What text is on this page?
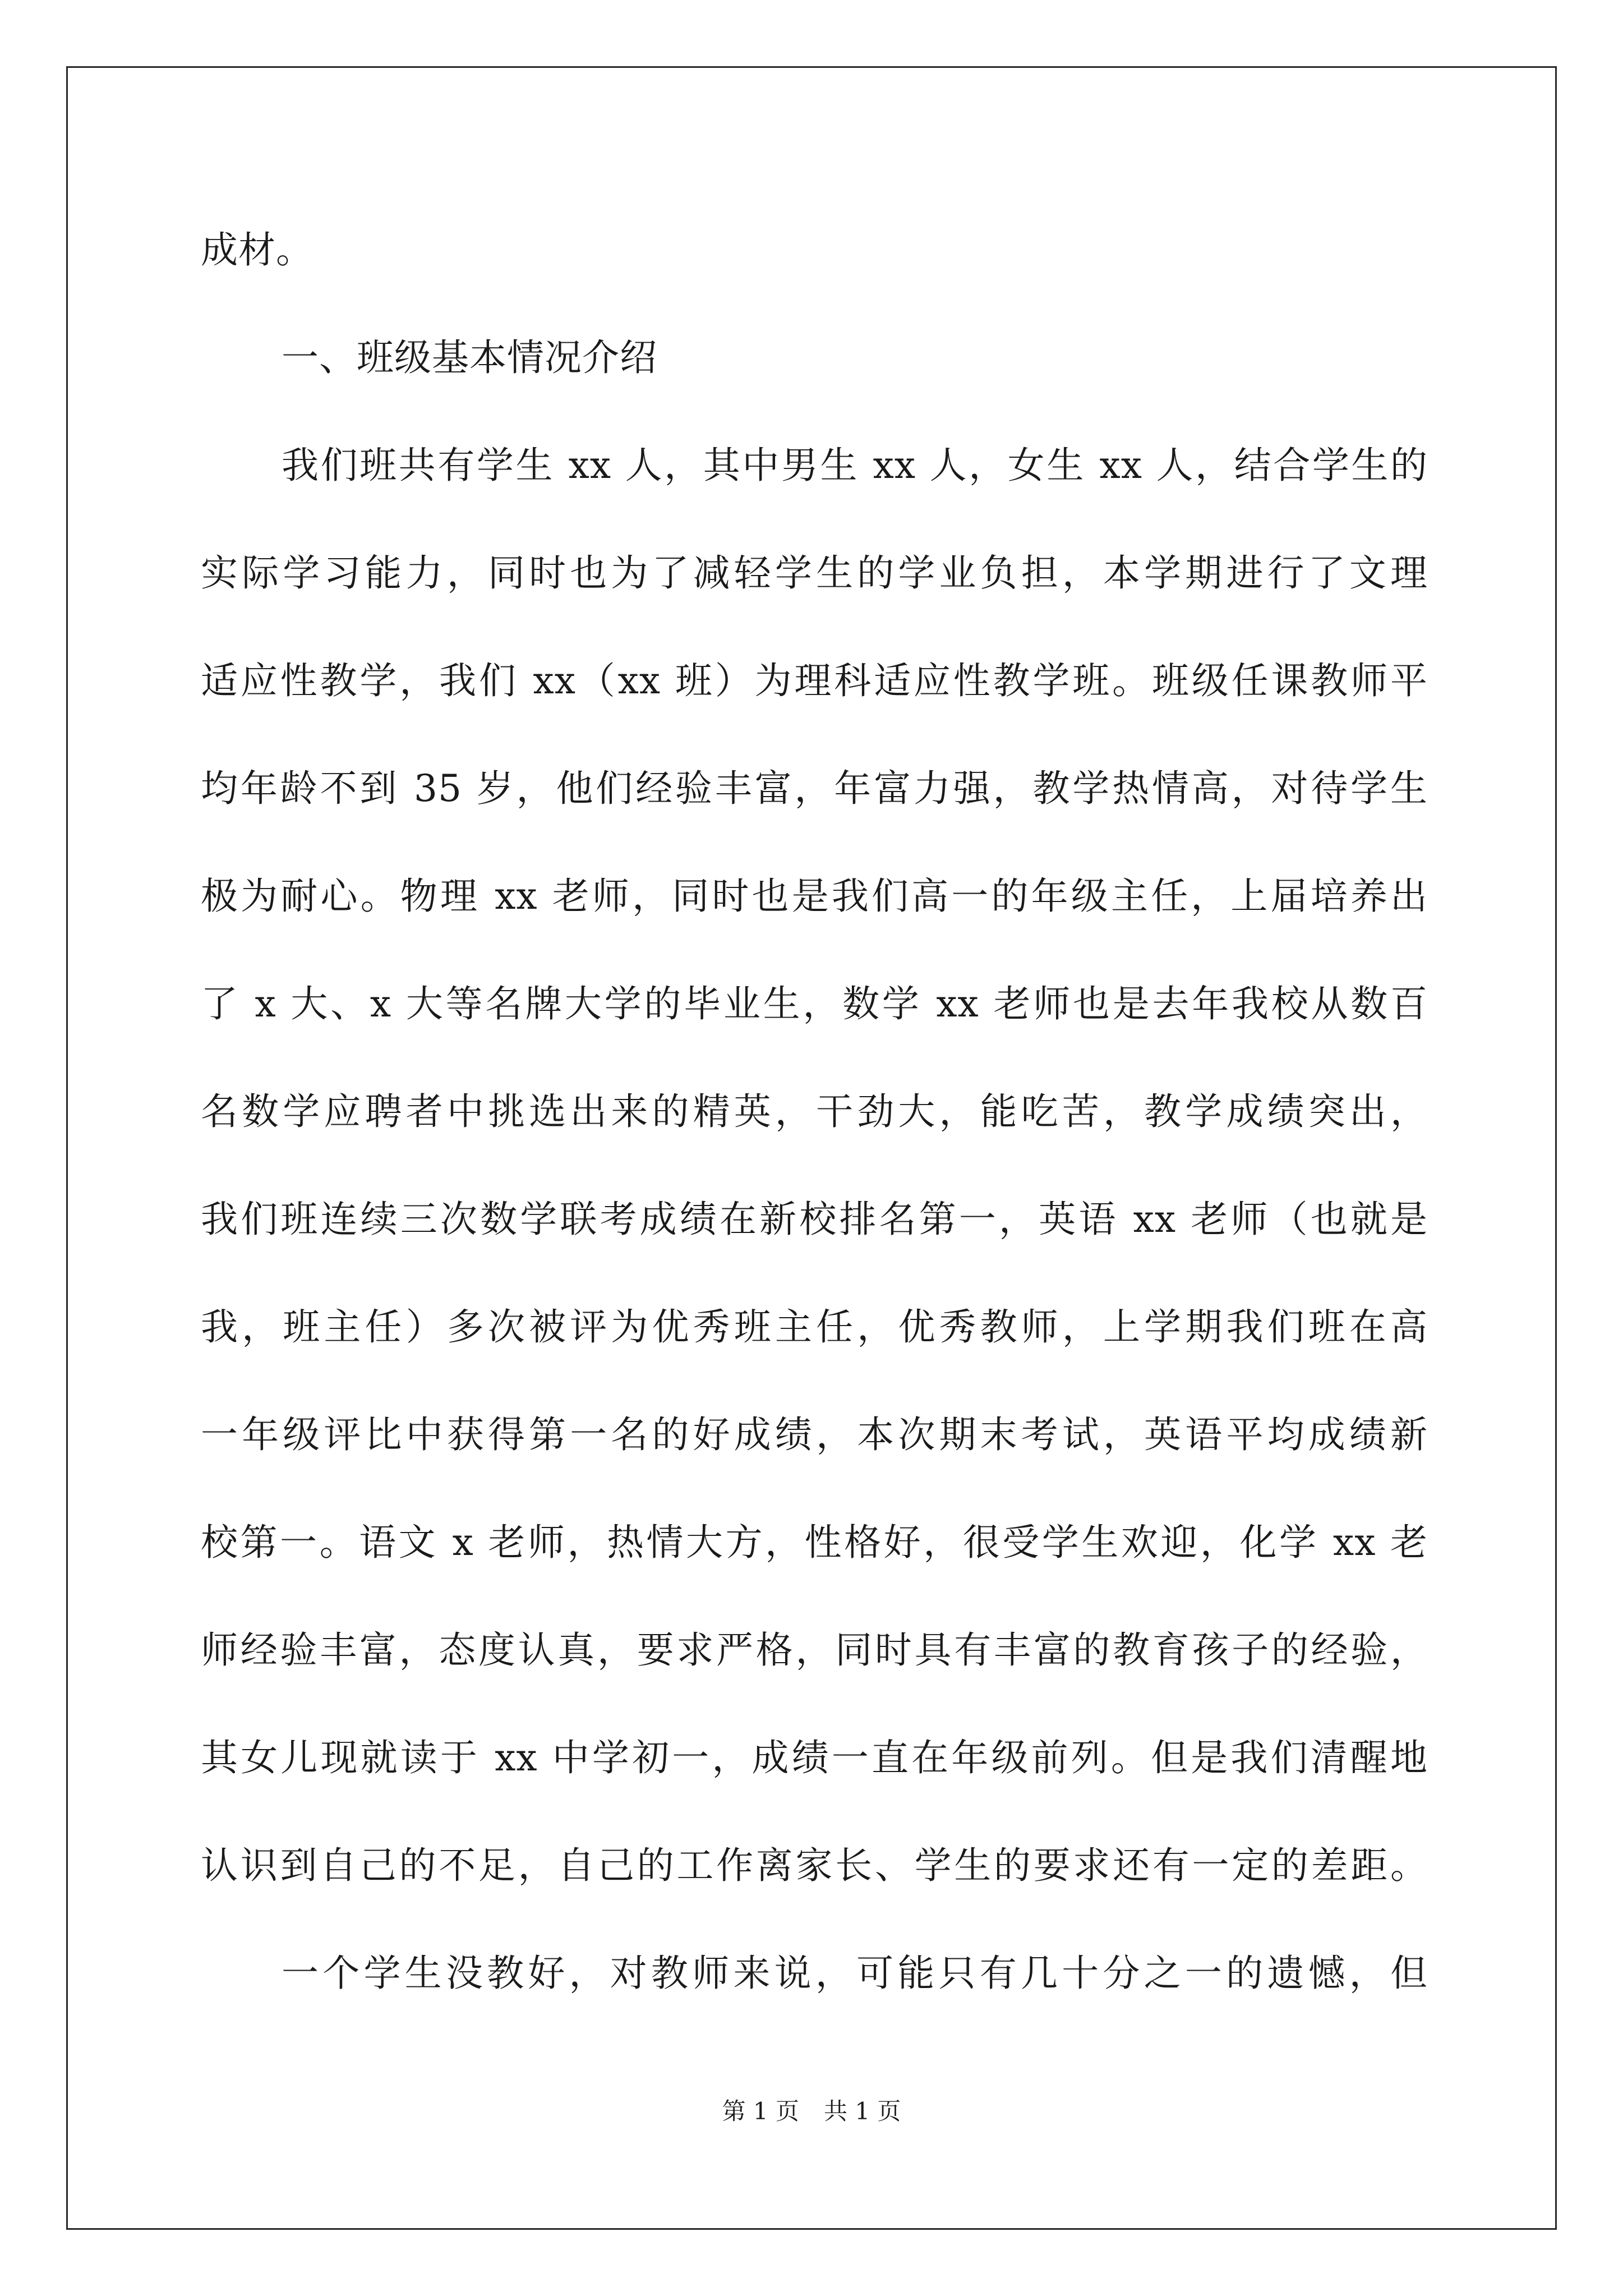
成材。
一、班级基本情况介绍
我们班共有学生 xx 人，其中男生 xx 人，女生 xx 人，结合学生的
实际学习能力，同时也为了减轻学生的学业负担，本学期进行了文理
适应性教学，我们 xx（xx 班）为理科适应性教学班。班级任课教师平
均年龄不到 35 岁，他们经验丰富，年富力强，教学热情高，对待学生
极为耐心。物理 xx 老师，同时也是我们高一的年级主任，上届培养出
了 x 大、x 大等名牌大学的毕业生，数学 xx 老师也是去年我校从数百
名数学应聘者中挑选出来的精英，干劲大，能吃苦，教学成绩突出，
我们班连续三次数学联考成绩在新校排名第一，英语 xx 老师（也就是
我，班主任）多次被评为优秀班主任，优秀教师，上学期我们班在高
一年级评比中获得第一名的好成绩，本次期末考试，英语平均成绩新
校第一。语文 x 老师，热情大方，性格好，很受学生欢迎，化学 xx 老
师经验丰富，态度认真，要求严格，同时具有丰富的教育孩子的经验，
其女儿现就读于 xx 中学初一，成绩一直在年级前列。但是我们清醒地
认识到自己的不足，自己的工作离家长、学生的要求还有一定的差距。
一个学生没教好，对教师来说，可能只有几十分之一的遗憾，但
第 1 页 共 1 页
